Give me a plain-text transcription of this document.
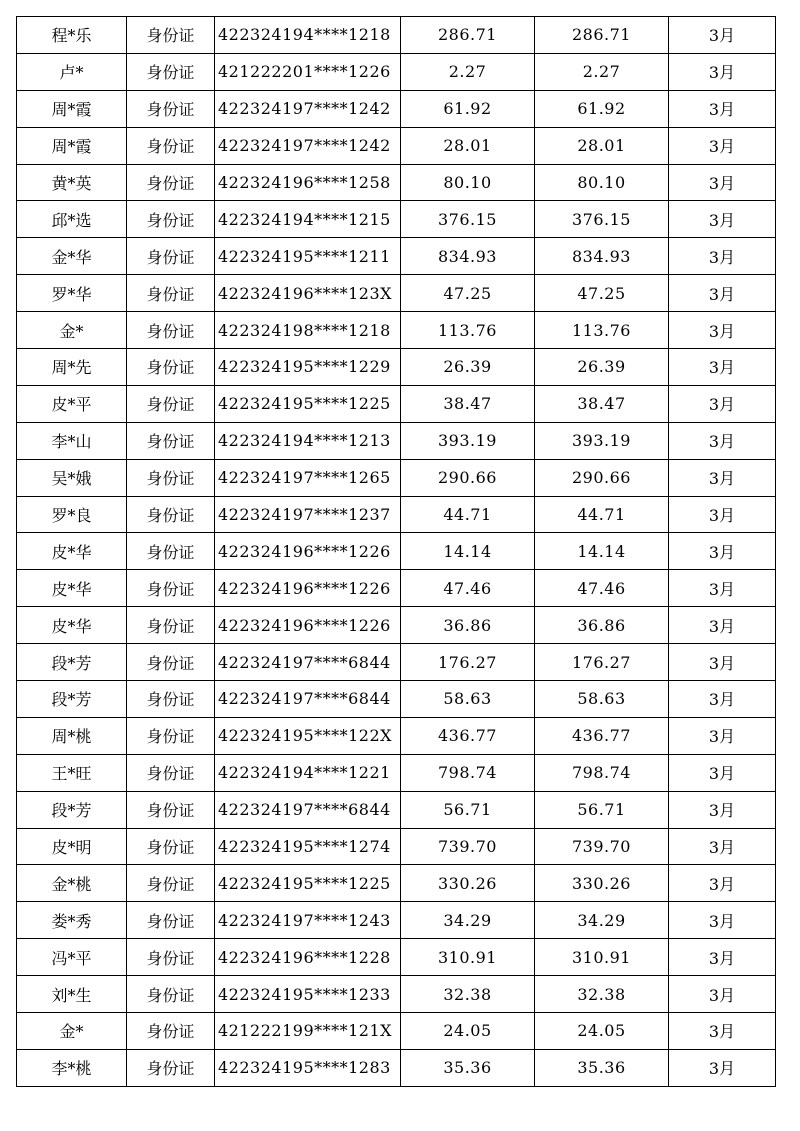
程*乐	身份证	422324194****1218	286.71	286.71	3月
卢*	身份证	421222201****1226	2.27	2.27	3月
周*霞	身份证	422324197****1242	61.92	61.92	3月
周*霞	身份证	422324197****1242	28.01	28.01	3月
黄*英	身份证	422324196****1258	80.10	80.10	3月
邱*选	身份证	422324194****1215	376.15	376.15	3月
金*华	身份证	422324195****1211	834.93	834.93	3月
罗*华	身份证	422324196****123X	47.25	47.25	3月
金*	身份证	422324198****1218	113.76	113.76	3月
周*先	身份证	422324195****1229	26.39	26.39	3月
皮*平	身份证	422324195****1225	38.47	38.47	3月
李*山	身份证	422324194****1213	393.19	393.19	3月
吴*娥	身份证	422324197****1265	290.66	290.66	3月
罗*良	身份证	422324197****1237	44.71	44.71	3月
皮*华	身份证	422324196****1226	14.14	14.14	3月
皮*华	身份证	422324196****1226	47.46	47.46	3月
皮*华	身份证	422324196****1226	36.86	36.86	3月
段*芳	身份证	422324197****6844	176.27	176.27	3月
段*芳	身份证	422324197****6844	58.63	58.63	3月
周*桃	身份证	422324195****122X	436.77	436.77	3月
王*旺	身份证	422324194****1221	798.74	798.74	3月
段*芳	身份证	422324197****6844	56.71	56.71	3月
皮*明	身份证	422324195****1274	739.70	739.70	3月
金*桃	身份证	422324195****1225	330.26	330.26	3月
娄*秀	身份证	422324197****1243	34.29	34.29	3月
冯*平	身份证	422324196****1228	310.91	310.91	3月
刘*生	身份证	422324195****1233	32.38	32.38	3月
金*	身份证	421222199****121X	24.05	24.05	3月
李*桃	身份证	422324195****1283	35.36	35.36	3月
